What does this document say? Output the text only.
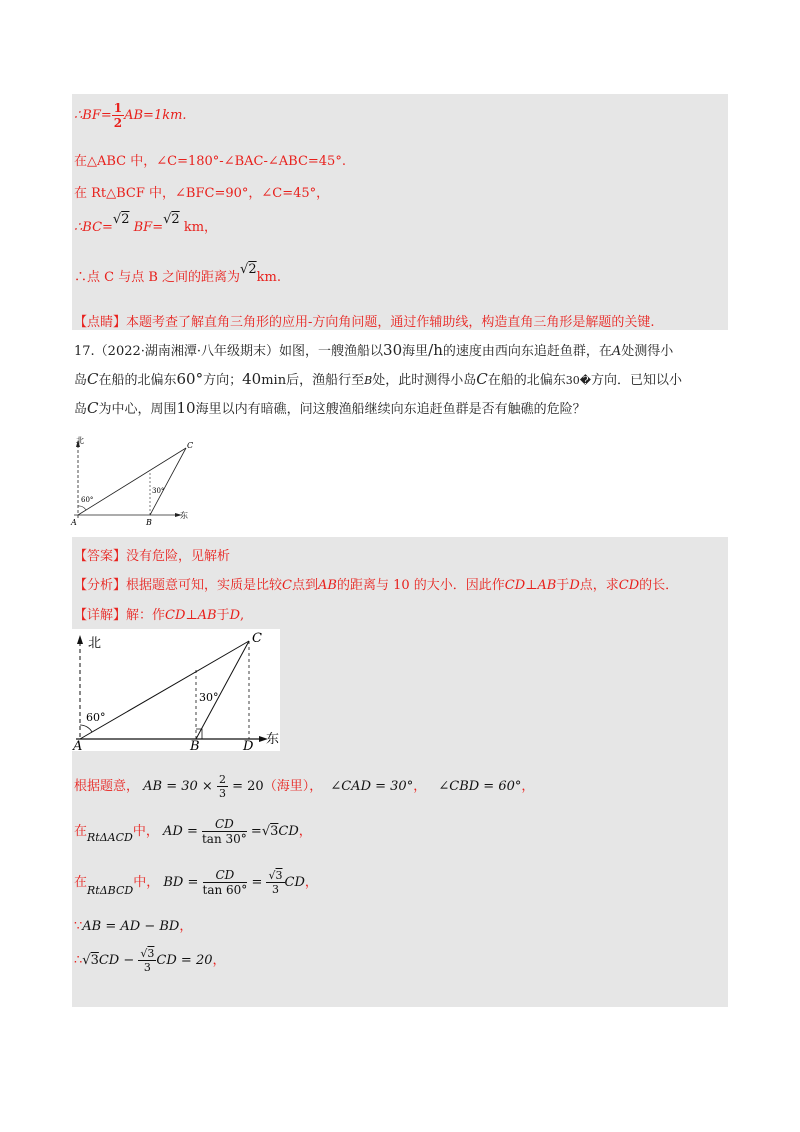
∴BF= $\frac{1}{2} AB=1km$.
在△ABC 中，∠C=180°-∠BAC-∠ABC=45°.
在 Rt△BCF 中，∠BFC=90°，∠C=45°，
∴BC=√2 BF=√2 km，
∴点 C 与点 B 之间的距离为√2km.
【点睛】本题考查了解直角三角形的应用-方向角问题，通过作辅助线，构造直角三角形是解题的关键.
17.（2022·湖南湘潭·八年级期末）如图，一艘渔船以30海里/h的速度由西向东追赶鱼群，在A处测得小
岛C在船的北偏东60°方向；40min后，渔船行至B处，此时测得小岛C在船的北偏东30�方向．已知以小
岛C为中心，周围10海里以内有暗礁，问这艘渔船继续向东追赶鱼群是否有触礁的危险？
北
东
60°
30°
A	B
C
【答案】没有危险，见解析
【分析】根据题意可知，实质是比较C点到AB的距离与 10 的大小．因此作CD⊥AB于D点，求CD的长．
【详解】解：作CD⊥AB于D,
北
东
60°
30°
A	B	D
C
根据题意， AB = $30 \times \frac{2}{3} = 20$（海里）， ∠CAD = 30°， ∠CBD = 60°，
在$_{Rt\Delta ACD}$中， AD = $\frac{CD}{\tan 30^\circ} =√3CD$，
在$_{Rt\Delta BCD}$中， BD = $\frac{CD}{\tan 60^\circ} = \frac{√3}{3}$ CD，
∵AB = AD − BD，
∴√3CD − $\frac{√3}{3}$ CD = 20，
